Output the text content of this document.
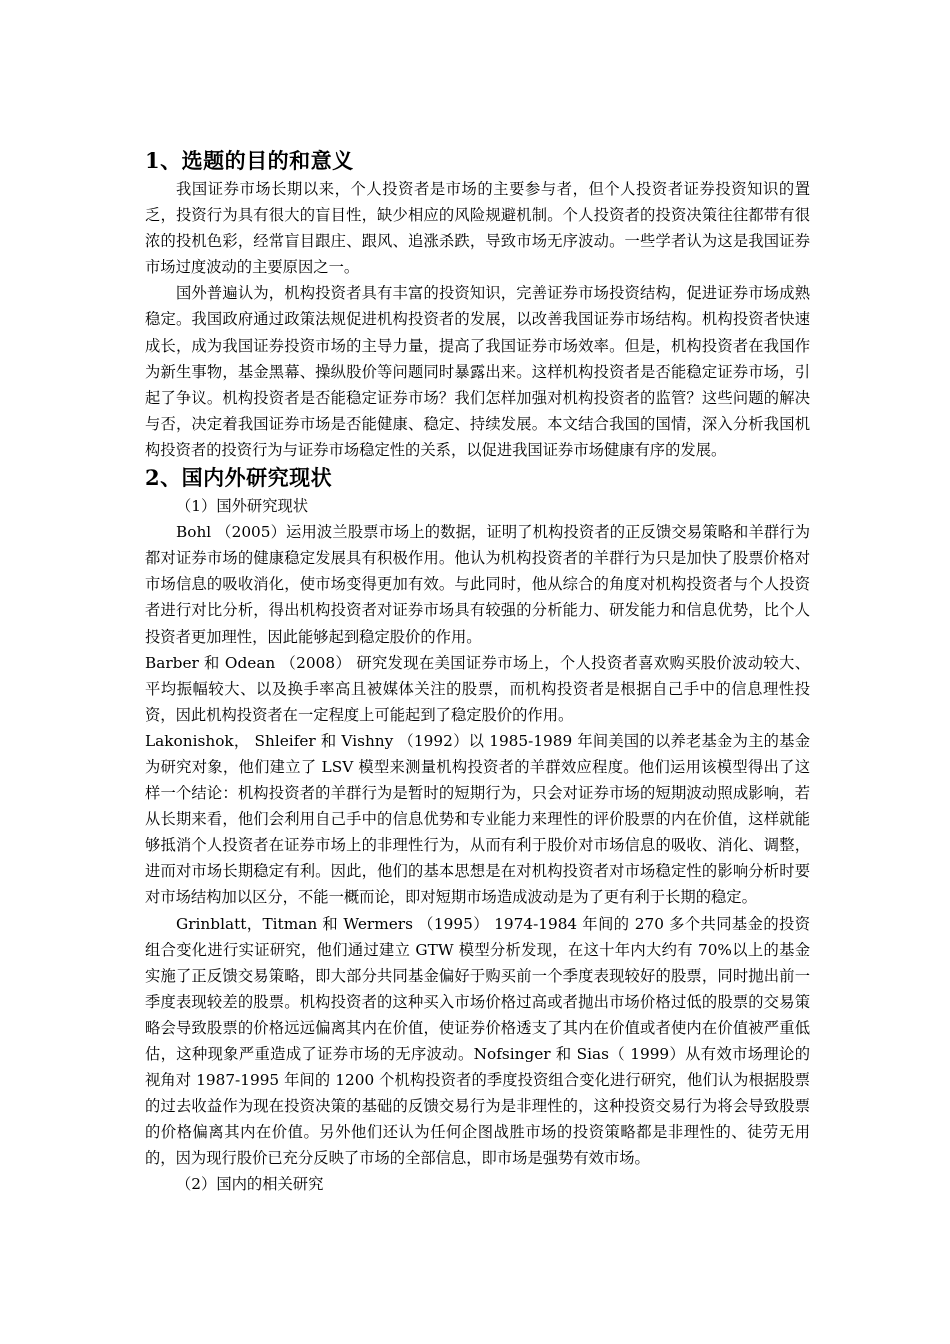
1、选题的目的和意义

我国证券市场长期以来，个人投资者是市场的主要参与者，但个人投资者证券投资知识的置乏，投资行为具有很大的盲目性，缺少相应的风险规避机制。个人投资者的投资决策往往都带有很浓的投机色彩，经常盲目跟庄、跟风、追涨杀跌，导致市场无序波动。一些学者认为这是我国证券市场过度波动的主要原因之一。

国外普遍认为，机构投资者具有丰富的投资知识，完善证券市场投资结构，促进证券市场成熟稳定。我国政府通过政策法规促进机构投资者的发展，以改善我国证券市场结构。机构投资者快速成长，成为我国证券投资市场的主导力量，提高了我国证券市场效率。但是，机构投资者在我国作为新生事物，基金黑幕、操纵股价等问题同时暴露出来。这样机构投资者是否能稳定证券市场，引起了争议。机构投资者是否能稳定证券市场？我们怎样加强对机构投资者的监管？这些问题的解决与否，决定着我国证券市场是否能健康、稳定、持续发展。本文结合我国的国情，深入分析我国机构投资者的投资行为与证券市场稳定性的关系，以促进我国证券市场健康有序的发展。

2、国内外研究现状

（1）国外研究现状

Bohl （2005）运用波兰股票市场上的数据，证明了机构投资者的正反馈交易策略和羊群行为都对证券市场的健康稳定发展具有积极作用。他认为机构投资者的羊群行为只是加快了股票价格对市场信息的吸收消化，使市场变得更加有效。与此同时，他从综合的角度对机构投资者与个人投资者进行对比分析，得出机构投资者对证券市场具有较强的分析能力、研发能力和信息优势，比个人投资者更加理性，因此能够起到稳定股价的作用。

Barber 和 Odean （2008） 研究发现在美国证券市场上，个人投资者喜欢购买股价波动较大、平均振幅较大、以及换手率高且被媒体关注的股票，而机构投资者是根据自己手中的信息理性投资，因此机构投资者在一定程度上可能起到了稳定股价的作用。

Lakonishok， Shleifer 和 Vishny （1992）以 1985-1989 年间美国的以养老基金为主的基金为研究对象，他们建立了 LSV 模型来测量机构投资者的羊群效应程度。他们运用该模型得出了这样一个结论：机构投资者的羊群行为是暂时的短期行为，只会对证券市场的短期波动照成影响，若从长期来看，他们会利用自己手中的信息优势和专业能力来理性的评价股票的内在价值，这样就能够抵消个人投资者在证券市场上的非理性行为，从而有利于股价对市场信息的吸收、消化、调整，进而对市场长期稳定有利。因此，他们的基本思想是在对机构投资者对市场稳定性的影响分析时要对市场结构加以区分，不能一概而论，即对短期市场造成波动是为了更有利于长期的稳定。

Grinblatt，Titman 和 Wermers （1995） 1974-1984 年间的 270 多个共同基金的投资组合变化进行实证研究，他们通过建立 GTW 模型分析发现，在这十年内大约有 70%以上的基金实施了正反馈交易策略，即大部分共同基金偏好于购买前一个季度表现较好的股票，同时抛出前一季度表现较差的股票。机构投资者的这种买入市场价格过高或者抛出市场价格过低的股票的交易策略会导致股票的价格远远偏离其内在价值，使证券价格透支了其内在价值或者使内在价值被严重低估，这种现象严重造成了证券市场的无序波动。Nofsinger 和 Sias（ 1999）从有效市场理论的视角对 1987-1995 年间的 1200 个机构投资者的季度投资组合变化进行研究，他们认为根据股票的过去收益作为现在投资决策的基础的反馈交易行为是非理性的，这种投资交易行为将会导致股票的价格偏离其内在价值。另外他们还认为任何企图战胜市场的投资策略都是非理性的、徒劳无用的，因为现行股价已充分反映了市场的全部信息，即市场是强势有效市场。

（2）国内的相关研究
